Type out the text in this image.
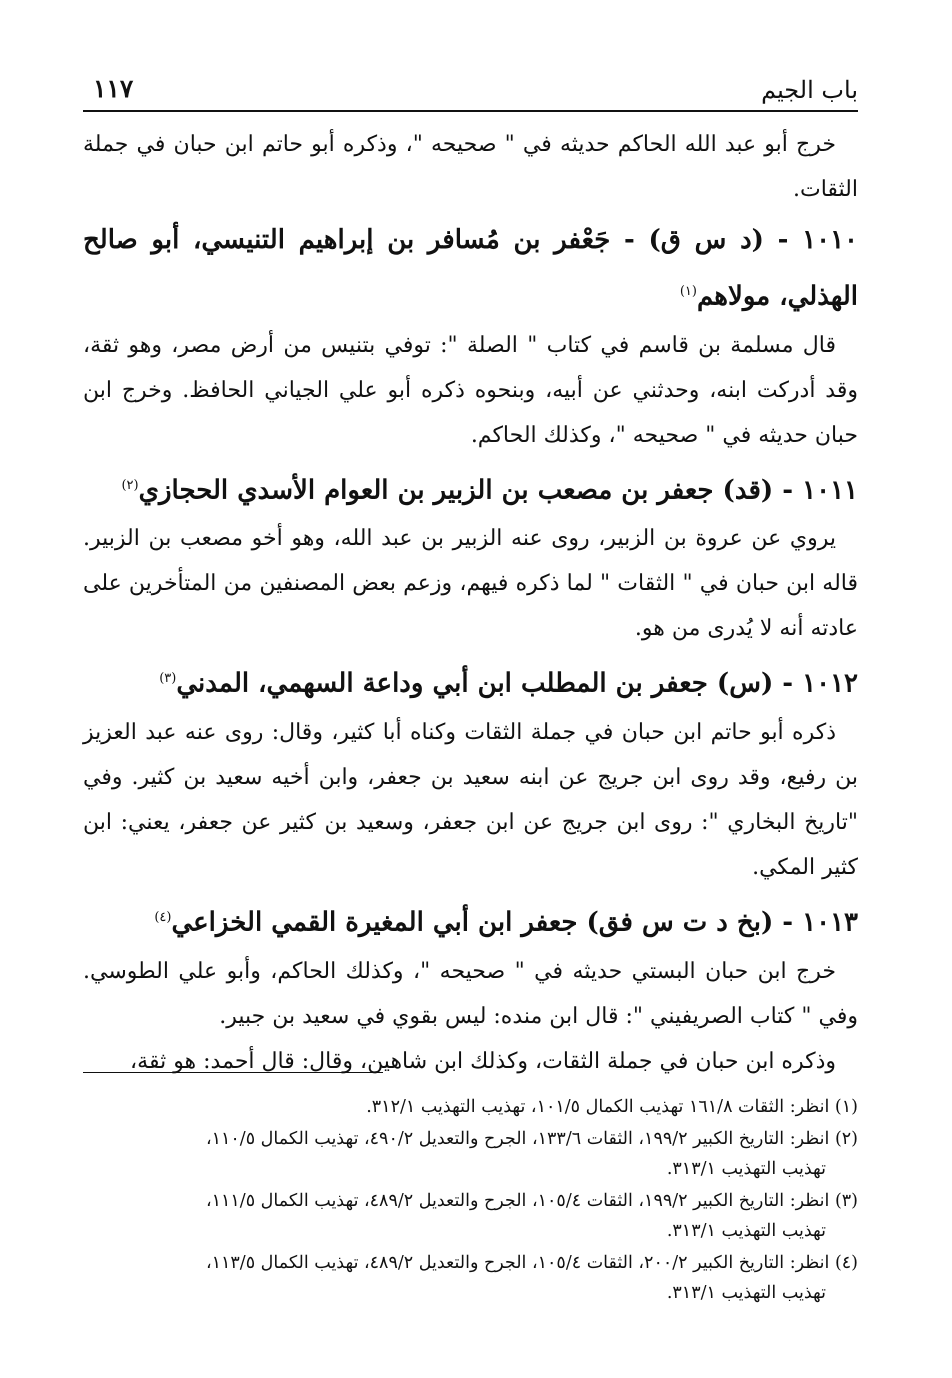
باب الجيم
١١٧

خرج أبو عبد الله الحاكم حديثه في " صحيحه "، وذكره أبو حاتم ابن حبان في جملة الثقات.

١٠١٠ - (د س ق) - جَعْفر بن مُسافر بن إبراهيم التنيسي، أبو صالح الهذلي، مولاهم$^{(١)}$

قال مسلمة بن قاسم في كتاب " الصلة ": توفي بتنيس من أرض مصر، وهو ثقة، وقد أدركت ابنه، وحدثني عن أبيه، وبنحوه ذكره أبو علي الجياني الحافظ. وخرج ابن حبان حديثه في " صحيحه "، وكذلك الحاكم.

١٠١١ - (قد) جعفر بن مصعب بن الزبير بن العوام الأسدي الحجازي$^{(٢)}$

يروي عن عروة بن الزبير، روى عنه الزبير بن عبد الله، وهو أخو مصعب بن الزبير. قاله ابن حبان في " الثقات " لما ذكره فيهم، وزعم بعض المصنفين من المتأخرين على عادته أنه لا يُدرى من هو.

١٠١٢ - (س) جعفر بن المطلب ابن أبي وداعة السهمي، المدني$^{(٣)}$

ذكره أبو حاتم ابن حبان في جملة الثقات وكناه أبا كثير، وقال: روى عنه عبد العزيز بن رفيع، وقد روى ابن جريج عن ابنه سعيد بن جعفر، وابن أخيه سعيد بن كثير. وفي "تاريخ البخاري ": روى ابن جريج عن ابن جعفر، وسعيد بن كثير عن جعفر، يعني: ابن كثير المكي.

١٠١٣ - (بخ د ت س فق) جعفر ابن أبي المغيرة القمي الخزاعي$^{(٤)}$

خرج ابن حبان البستي حديثه في " صحيحه "، وكذلك الحاكم، وأبو علي الطوسي. وفي " كتاب الصريفيني ": قال ابن منده: ليس بقوي في سعيد بن جبير.

وذكره ابن حبان في جملة الثقات، وكذلك ابن شاهين، وقال: قال أحمد: هو ثقة،

(١) انظر: الثقات ١٦١/٨ تهذيب الكمال ١٠١/٥، تهذيب التهذيب ٣١٢/١.
(٢) انظر: التاريخ الكبير ١٩٩/٢، الثقات ١٣٣/٦، الجرح والتعديل ٤٩٠/٢، تهذيب الكمال ١١٠/٥،
تهذيب التهذيب ٣١٣/١.
(٣) انظر: التاريخ الكبير ١٩٩/٢، الثقات ١٠٥/٤، الجرح والتعديل ٤٨٩/٢، تهذيب الكمال ١١١/٥،
تهذيب التهذيب ٣١٣/١.
(٤) انظر: التاريخ الكبير ٢٠٠/٢، الثقات ١٠٥/٤، الجرح والتعديل ٤٨٩/٢، تهذيب الكمال ١١٣/٥،
تهذيب التهذيب ٣١٣/١.
